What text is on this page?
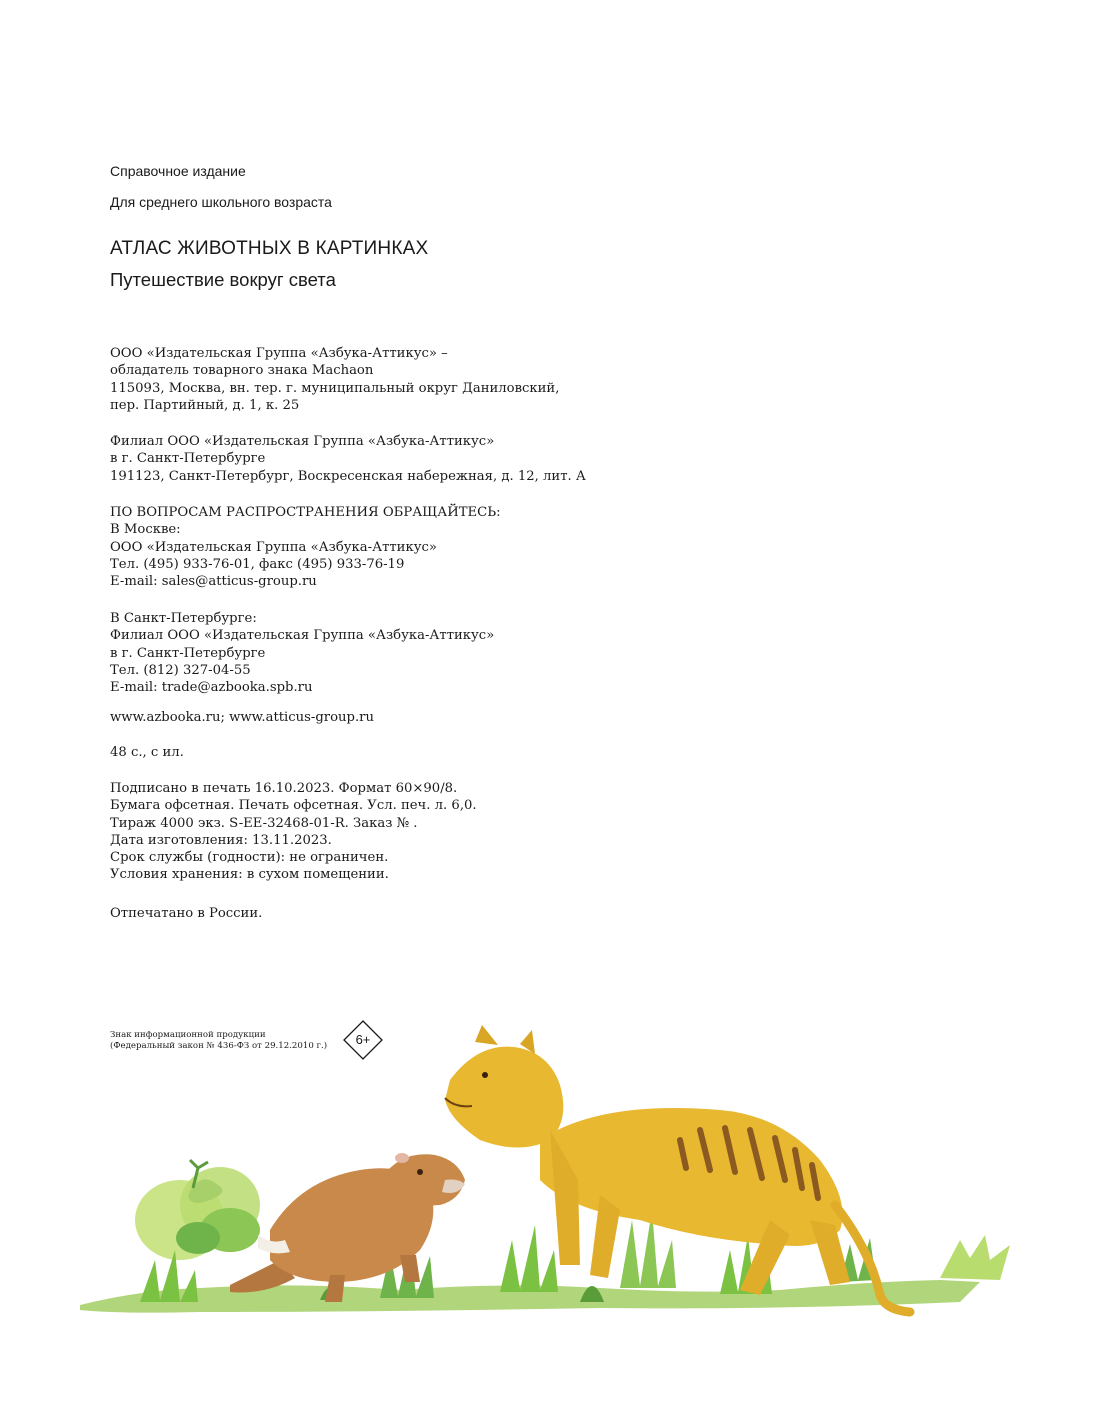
Справочное издание
Для среднего школьного возраста
АТЛАС ЖИВОТНЫХ В КАРТИНКАХ
Путешествие вокруг света
ООО «Издательская Группа «Азбука-Аттикус» –
обладатель товарного знака Machaon
115093, Москва, вн. тер. г. муниципальный округ Даниловский,
пер. Партийный, д. 1, к. 25
Филиал ООО «Издательская Группа «Азбука-Аттикус»
в г. Санкт-Петербурге
191123, Санкт-Петербург, Воскресенская набережная, д. 12, лит. А
ПО ВОПРОСАМ РАСПРОСТРАНЕНИЯ ОБРАЩАЙТЕСЬ:
В Москве:
ООО «Издательская Группа «Азбука-Аттикус»
Тел. (495) 933-76-01, факс (495) 933-76-19
E-mail: sales@atticus-group.ru
В Санкт-Петербурге:
Филиал ООО «Издательская Группа «Азбука-Аттикус»
в г. Санкт-Петербурге
Тел. (812) 327-04-55
E-mail: trade@azbooka.spb.ru
www.azbooka.ru; www.atticus-group.ru
48 с., с ил.
Подписано в печать 16.10.2023. Формат 60×90/8.
Бумага офсетная. Печать офсетная. Усл. печ. л. 6,0.
Тираж 4000 экз. S-EE-32468-01-R. Заказ № .
Дата изготовления: 13.11.2023.
Срок службы (годности): не ограничен.
Условия хранения: в сухом помещении.
Отпечатано в России.
Знак информационной продукции
(Федеральный закон № 436-ФЗ от 29.12.2010 г.)	6+
